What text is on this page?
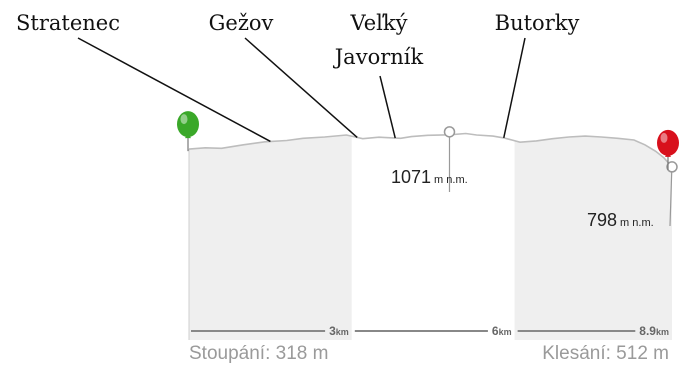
3km	6km	8.9km
Stratenec	Gežov	Veľký
Javorník
Butorky
1071 m n.m.
798 m n.m.
Stoupání: 318 m	Klesání: 512 m
